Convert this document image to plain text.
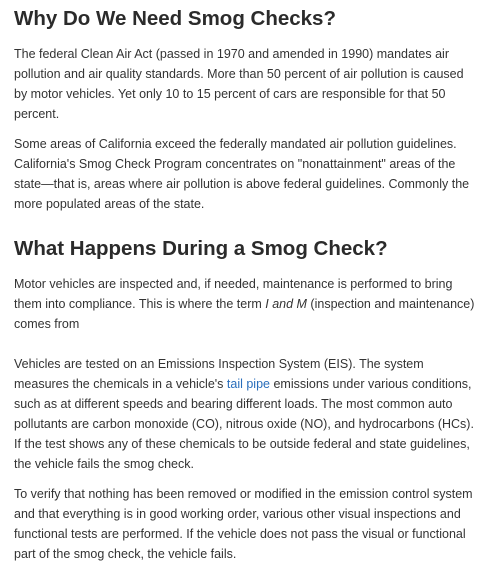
Why Do We Need Smog Checks?

The federal Clean Air Act (passed in 1970 and amended in 1990) mandates air pollution and air quality standards. More than 50 percent of air pollution is caused by motor vehicles. Yet only 10 to 15 percent of cars are responsible for that 50 percent.

Some areas of California exceed the federally mandated air pollution guidelines. California's Smog Check Program concentrates on "nonattainment" areas of the state—that is, areas where air pollution is above federal guidelines. Commonly the more populated areas of the state.

What Happens During a Smog Check?

Motor vehicles are inspected and, if needed, maintenance is performed to bring them into compliance. This is where the term I and M (inspection and maintenance) comes from

Vehicles are tested on an Emissions Inspection System (EIS). The system measures the chemicals in a vehicle's tail pipe emissions under various conditions, such as at different speeds and bearing different loads. The most common auto pollutants are carbon monoxide (CO), nitrous oxide (NO), and hydrocarbons (HCs). If the test shows any of these chemicals to be outside federal and state guidelines, the vehicle fails the smog check.

To verify that nothing has been removed or modified in the emission control system and that everything is in good working order, various other visual inspections and functional tests are performed. If the vehicle does not pass the visual or functional part of the smog check, the vehicle fails.
